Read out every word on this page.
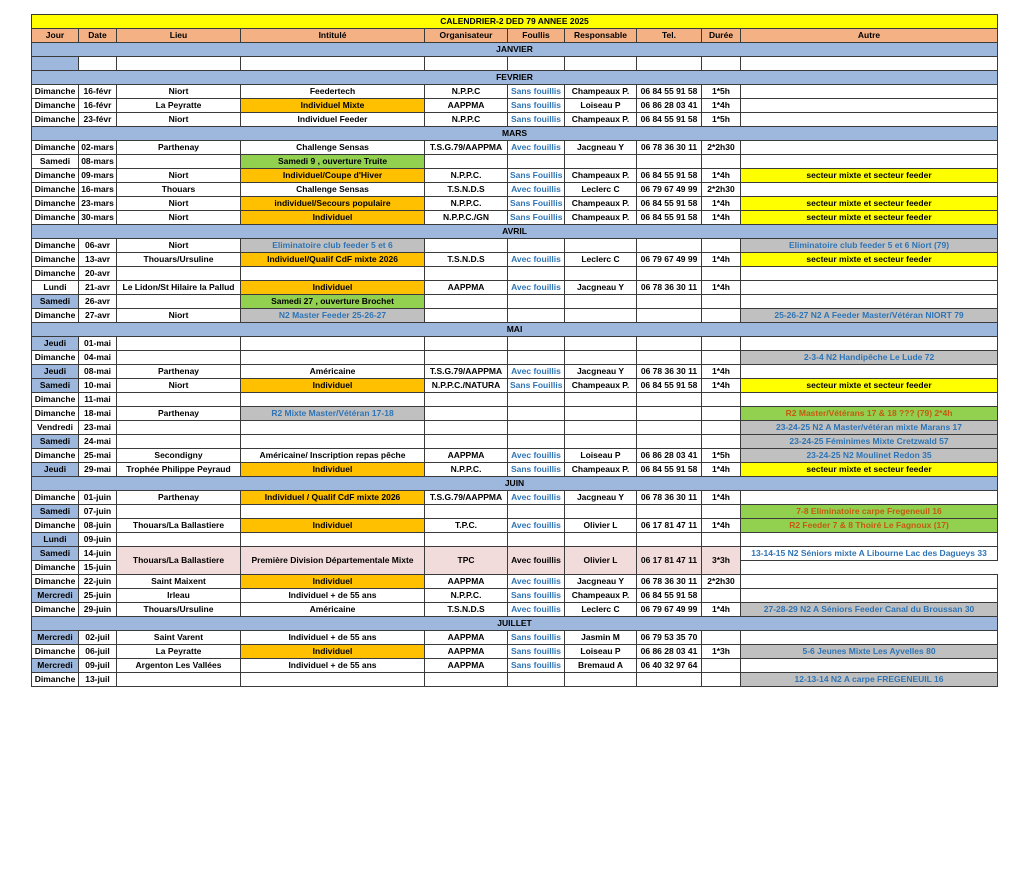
CALENDRIER-2 DED 79 ANNEE 2025									
Jour	Date	Lieu	Intitulé	Organisateur	Foullis	Responsable	Tel.	Durée	Autre
JANVIER									

FEVRIER									
Dimanche	16-févr	Niort	Feedertech	N.P.P.C	Sans fouillis	Champeaux P.	06 84 55 91 58	1*5h	
Dimanche	16-févr	La Peyratte	Individuel Mixte	AAPPMA	Sans fouillis	Loiseau P	06 86 28 03 41	1*4h	
Dimanche	23-févr	Niort	Individuel Feeder	N.P.P.C	Sans fouillis	Champeaux P.	06 84 55 91 58	1*5h	
MARS									
Dimanche	02-mars	Parthenay	Challenge Sensas	T.S.G.79/AAPPMA	Avec fouillis	Jacgneau Y	06 78 36 30 11	2*2h30	
Samedi	08-mars		Samedi 9 , ouverture Truite						
Dimanche	09-mars	Niort	Individuel/Coupe d'Hiver	N.P.P.C.	Sans Fouillis	Champeaux P.	06 84 55 91 58	1*4h	secteur mixte et secteur feeder
Dimanche	16-mars	Thouars	Challenge Sensas	T.S.N.D.S	Avec fouillis	Leclerc C	06 79 67 49 99	2*2h30	
Dimanche	23-mars	Niort	individuel/Secours populaire	N.P.P.C.	Sans Fouillis	Champeaux P.	06 84 55 91 58	1*4h	secteur mixte et secteur feeder
Dimanche	30-mars	Niort	Individuel	N.P.P.C./GN	Sans Fouillis	Champeaux P.	06 84 55 91 58	1*4h	secteur mixte et secteur feeder
AVRIL									
Dimanche	06-avr	Niort	Eliminatoire club feeder 5 et 6						Eliminatoire club feeder 5 et 6 Niort (79)
Dimanche	13-avr	Thouars/Ursuline	Individuel/Qualif CdF mixte 2026	T.S.N.D.S	Avec fouillis	Leclerc C	06 79 67 49 99	1*4h	secteur mixte et secteur feeder
Dimanche	20-avr								
Lundi	21-avr	Le Lidon/St Hilaire la Pallud	Individuel	AAPPMA	Avec fouillis	Jacgneau Y	06 78 36 30 11	1*4h	
Samedi	26-avr		Samedi 27 , ouverture Brochet						
Dimanche	27-avr	Niort	N2 Master Feeder 25-26-27						25-26-27 N2 A Feeder Master/Vétéran NIORT 79
MAI									
Jeudi	01-mai								
Dimanche	04-mai								2-3-4 N2 Handipêche Le Lude 72
Jeudi	08-mai	Parthenay	Américaine	T.S.G.79/AAPPMA	Avec fouillis	Jacgneau Y	06 78 36 30 11	1*4h	
Samedi	10-mai	Niort	Individuel	N.P.P.C./NATURA	Sans Fouillis	Champeaux P.	06 84 55 91 58	1*4h	secteur mixte et secteur feeder
Dimanche	11-mai								
Dimanche	18-mai	Parthenay	R2 Mixte Master/Vétéran 17-18						R2 Master/Vétérans 17 & 18 ??? (79) 2*4h
Vendredi	23-mai								23-24-25 N2 A Master/vétéran mixte Marans 17
Samedi	24-mai								23-24-25 Féminimes Mixte Cretzwald 57
Dimanche	25-mai	Secondigny	Américaine/ Inscription repas pêche	AAPPMA	Avec fouillis	Loiseau P	06 86 28 03 41	1*5h	23-24-25 N2 Moulinet Redon 35
Jeudi	29-mai	Trophée Philippe Peyraud	Individuel	N.P.P.C.	Sans fouillis	Champeaux P.	06 84 55 91 58	1*4h	secteur mixte et secteur feeder
JUIN									
Dimanche	01-juin	Parthenay	Individuel / Qualif CdF mixte 2026	T.S.G.79/AAPPMA	Avec fouillis	Jacgneau Y	06 78 36 30 11	1*4h	
Samedi	07-juin								7-8 Eliminatoire carpe Fregeneuil 16
Dimanche	08-juin	Thouars/La Ballastiere	Individuel	T.P.C.	Avec fouillis	Olivier L	06 17 81 47 11	1*4h	R2 Feeder 7 & 8 Thoiré Le Fagnoux (17)
Lundi	09-juin								
Samedi	14-juin	Thouars/La Ballastiere	Première Division Départementale Mixte	TPC	Avec fouillis	Olivier L	06 17 81 47 11	3*3h	13-14-15 N2 Séniors mixte A Libourne Lac des Dagueys 33
Dimanche	15-juin								
Dimanche	22-juin	Saint Maixent	Individuel	AAPPMA	Avec fouillis	Jacgneau Y	06 78 36 30 11	2*2h30	
Mercredi	25-juin	Irleau	Individuel + de 55 ans	N.P.P.C.	Sans fouillis	Champeaux P.	06 84 55 91 58		
Dimanche	29-juin	Thouars/Ursuline	Américaine	T.S.N.D.S	Avec fouillis	Leclerc C	06 79 67 49 99	1*4h	27-28-29 N2 A Séniors Feeder Canal du Broussan 30
JUILLET									
Mercredi	02-juil	Saint Varent	Individuel + de 55 ans	AAPPMA	Sans fouillis	Jasmin M	06 79 53 35 70		
Dimanche	06-juil	La Peyratte	Individuel	AAPPMA	Sans fouillis	Loiseau P	06 86 28 03 41	1*3h	5-6 Jeunes Mixte Les Ayvelles 80
Mercredi	09-juil	Argenton Les Vallées	Individuel + de 55 ans	AAPPMA	Sans fouillis	Bremaud A	06 40 32 97 64		
Dimanche	13-juil								12-13-14 N2 A carpe FREGENEUIL 16
